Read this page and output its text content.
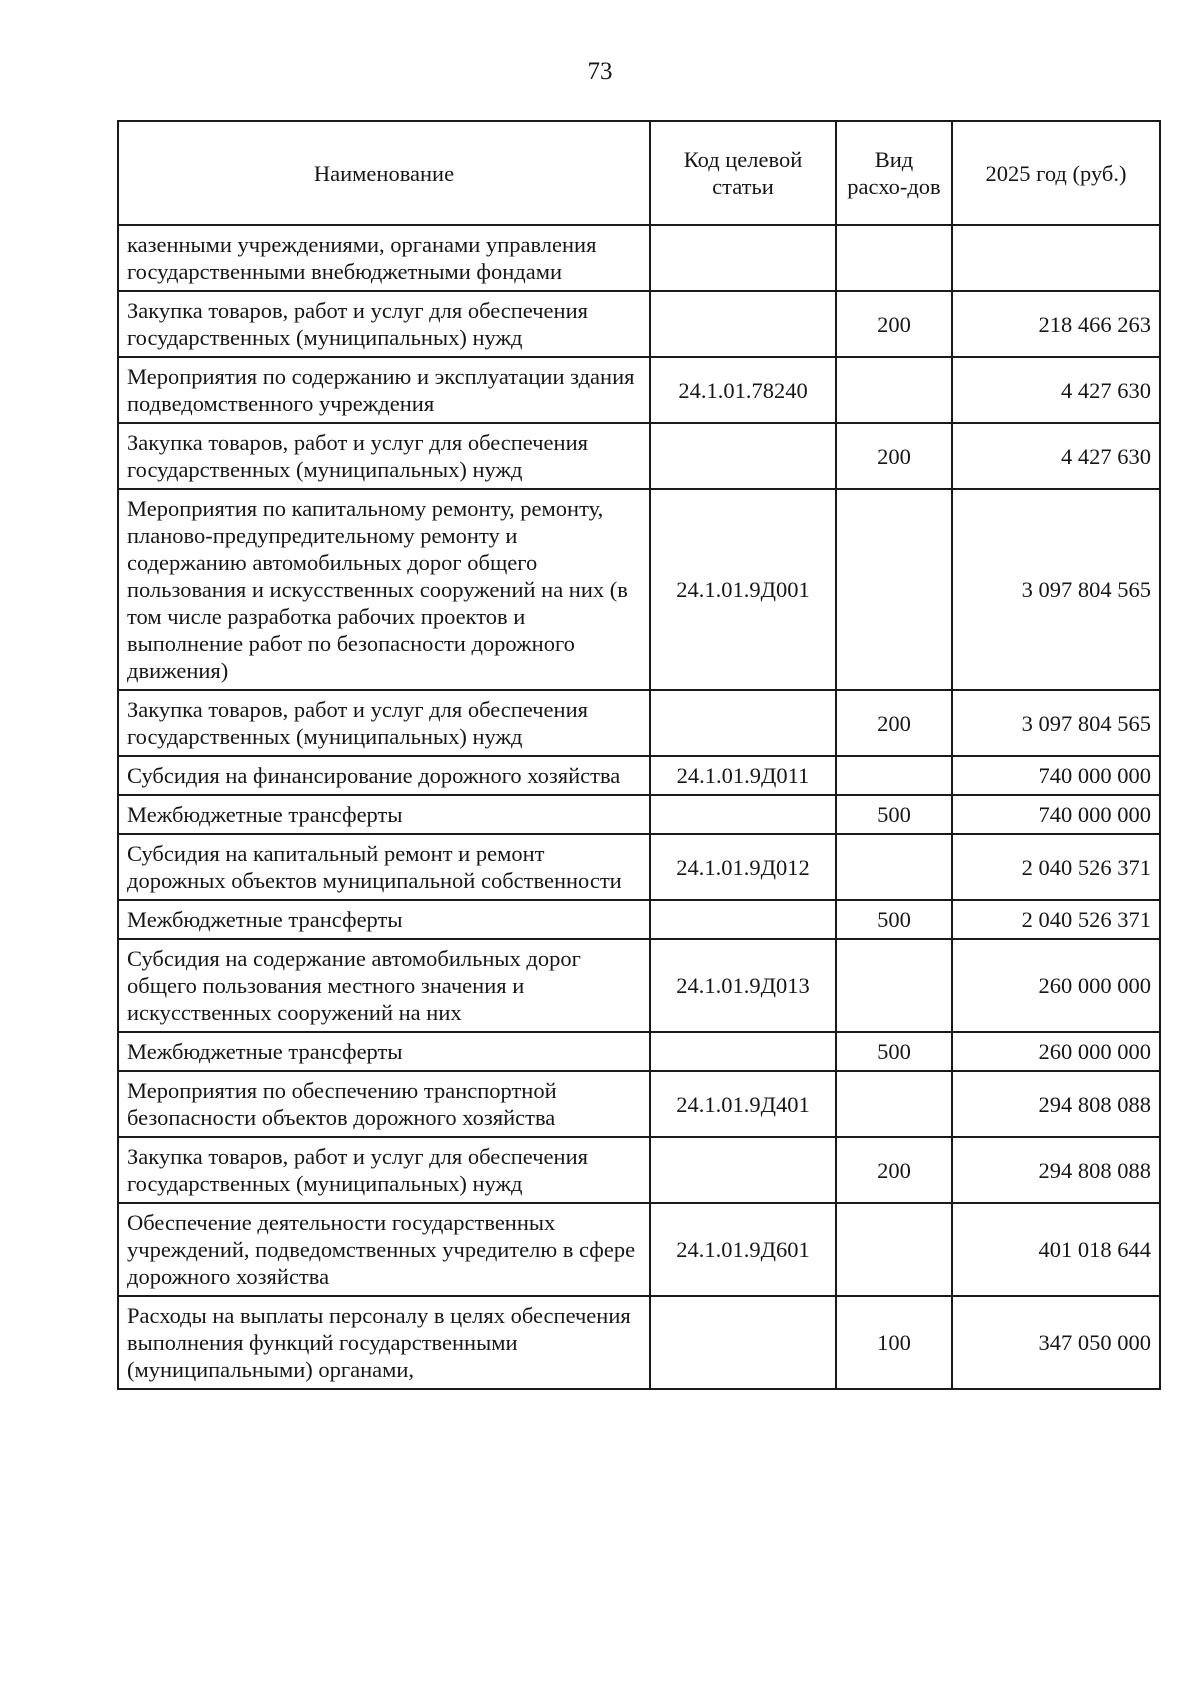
73
Наименование	Код целевой статьи	Вид расхо-дов	2025 год (руб.)
казенными учреждениями, органами управления государственными внебюджетными фондами			
Закупка товаров, работ и услуг для обеспечения государственных (муниципальных) нужд		200	218 466 263
Мероприятия по содержанию и эксплуатации здания подведомственного учреждения	24.1.01.78240		4 427 630
Закупка товаров, работ и услуг для обеспечения государственных (муниципальных) нужд		200	4 427 630
Мероприятия по капитальному ремонту, ремонту, планово-предупредительному ремонту и содержанию автомобильных дорог общего пользования и искусственных сооружений на них (в том числе разработка рабочих проектов и выполнение работ по безопасности дорожного движения)	24.1.01.9Д001		3 097 804 565
Закупка товаров, работ и услуг для обеспечения государственных (муниципальных) нужд		200	3 097 804 565
Субсидия на финансирование дорожного хозяйства	24.1.01.9Д011		740 000 000
Межбюджетные трансферты		500	740 000 000
Субсидия на капитальный ремонт и ремонт дорожных объектов муниципальной собственности	24.1.01.9Д012		2 040 526 371
Межбюджетные трансферты		500	2 040 526 371
Субсидия на содержание автомобильных дорог общего пользования местного значения и искусственных сооружений на них	24.1.01.9Д013		260 000 000
Межбюджетные трансферты		500	260 000 000
Мероприятия по обеспечению транспортной безопасности объектов дорожного хозяйства	24.1.01.9Д401		294 808 088
Закупка товаров, работ и услуг для обеспечения государственных (муниципальных) нужд		200	294 808 088
Обеспечение деятельности государственных учреждений, подведомственных учредителю в сфере дорожного хозяйства	24.1.01.9Д601		401 018 644
Расходы на выплаты персоналу в целях обеспечения выполнения функций государственными (муниципальными) органами,		100	347 050 000
